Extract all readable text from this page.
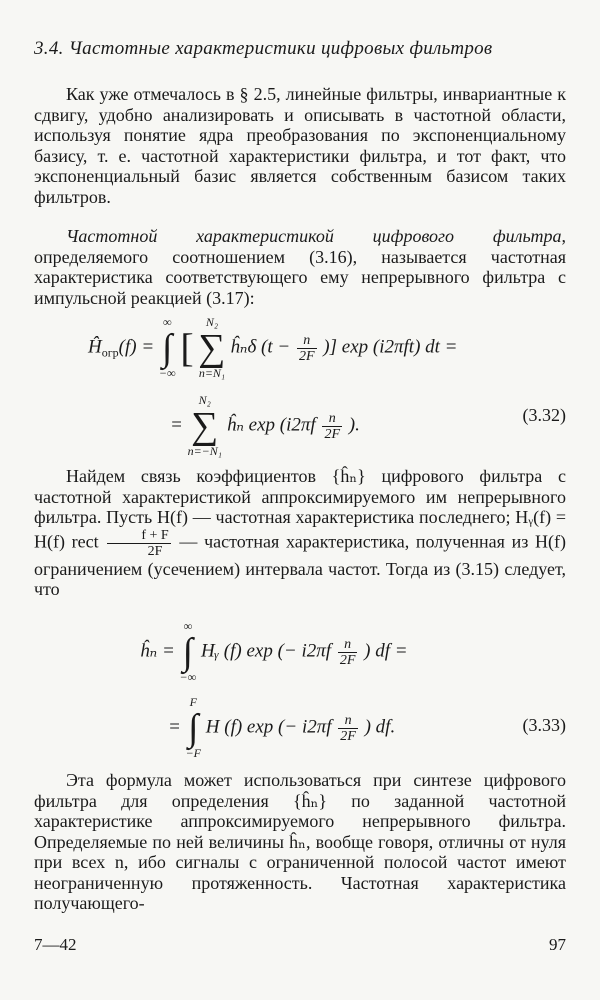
3.4. Частотные характеристики цифровых фильтров

Как уже отмечалось в § 2.5, линейные фильтры, инвариантные к сдвигу, удобно анализировать и описывать в частотной области, используя понятие ядра преобразования по экспоненциальному базису, т. е. частотной характеристики фильтра, и тот факт, что экспоненциальный базис является собственным базисом таких фильтров.

Частотной характеристикой цифрового фильтра, определяемого соотношением (3.16), называется частотная характеристика соответствующего ему непрерывного фильтра с импульсной реакцией (3.17):

$Ĥ_{огр}(f)$ = ∞
∫
−∞ [ N₂
∑
n=N₁ ĥₙδ ($t - \frac{n}{2F}$ )] exp (i2πft) dt =
= N₂
∑
n=−N₁ ĥₙ $\exp (i2\pi f \frac{n}{2F}$ ).	(3.32)

Найдем связь коэффициентов {ĥₙ} цифрового фильтра с частотной характеристикой аппроксимируемого им непрерывного фильтра. Пусть H(f) — частотная характеристика последнего; Hᵧ(f) = H(f) rect $\frac{f + F}{2F}$ — частотная характеристика, полученная из H(f) ограничением (усечением) интервала частот. Тогда из (3.15) следует, что

ĥₙ = ∞
∫
−∞ Hᵧ (f) exp (− $i2\pi f \frac{n}{2F}$ ) df =
= F
∫
−F H (f) exp (− $i2\pi f \frac{n}{2F}$ ) df.	(3.33)

Эта формула может использоваться при синтезе цифрового фильтра для определения {ĥₙ} по заданной частотной характеристике аппроксимируемого непрерывного фильтра. Определяемые по ней величины ĥₙ, вообще говоря, отличны от нуля при всех n, ибо сигналы с ограниченной полосой частот имеют неограниченную протяженность. Частотная характеристика получающего-

7—42	97
